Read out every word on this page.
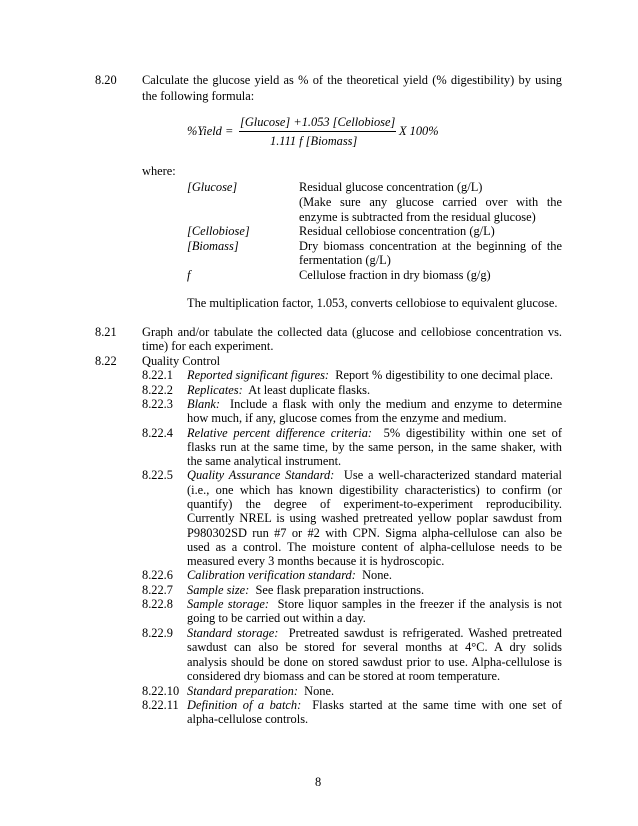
8.20 Calculate the glucose yield as % of the theoretical yield (% digestibility) by using
the following formula:
%Yield =
[Glucose] +1.053 [Cellobiose]
1.111 f [Biomass]
X 100%
where:
[Glucose]	Residual glucose concentration (g/L)
(Make sure any glucose carried over with the
enzyme is subtracted from the residual glucose)
[Cellobiose]	Residual cellobiose concentration (g/L)
[Biomass]	Dry biomass concentration at the beginning of the
fermentation (g/L)
f	Cellulose fraction in dry biomass (g/g)
The multiplication factor, 1.053, converts cellobiose to equivalent glucose.
8.21 Graph and/or tabulate the collected data (glucose and cellobiose concentration vs.
time) for each experiment.
8.22 Quality Control
8.22.1 Reported significant figures: Report % digestibility to one decimal place.
8.22.2 Replicates: At least duplicate flasks.
8.22.3 Blank: Include a flask with only the medium and enzyme to determine
how much, if any, glucose comes from the enzyme and medium.
8.22.4 Relative percent difference criteria: 5% digestibility within one set of
flasks run at the same time, by the same person, in the same shaker, with
the same analytical instrument.
8.22.5 Quality Assurance Standard: Use a well-characterized standard material
(i.e., one which has known digestibility characteristics) to confirm (or
quantify) the degree of experiment-to-experiment reproducibility.
Currently NREL is using washed pretreated yellow poplar sawdust from
P980302SD run #7 or #2 with CPN. Sigma alpha-cellulose can also be
used as a control. The moisture content of alpha-cellulose needs to be
measured every 3 months because it is hydroscopic.
8.22.6 Calibration verification standard: None.
8.22.7 Sample size: See flask preparation instructions.
8.22.8 Sample storage: Store liquor samples in the freezer if the analysis is not
going to be carried out within a day.
8.22.9 Standard storage: Pretreated sawdust is refrigerated. Washed pretreated
sawdust can also be stored for several months at 4°C. A dry solids
analysis should be done on stored sawdust prior to use. Alpha-cellulose is
considered dry biomass and can be stored at room temperature.
8.22.10 Standard preparation: None.
8.22.11 Definition of a batch: Flasks started at the same time with one set of
alpha-cellulose controls.
8
